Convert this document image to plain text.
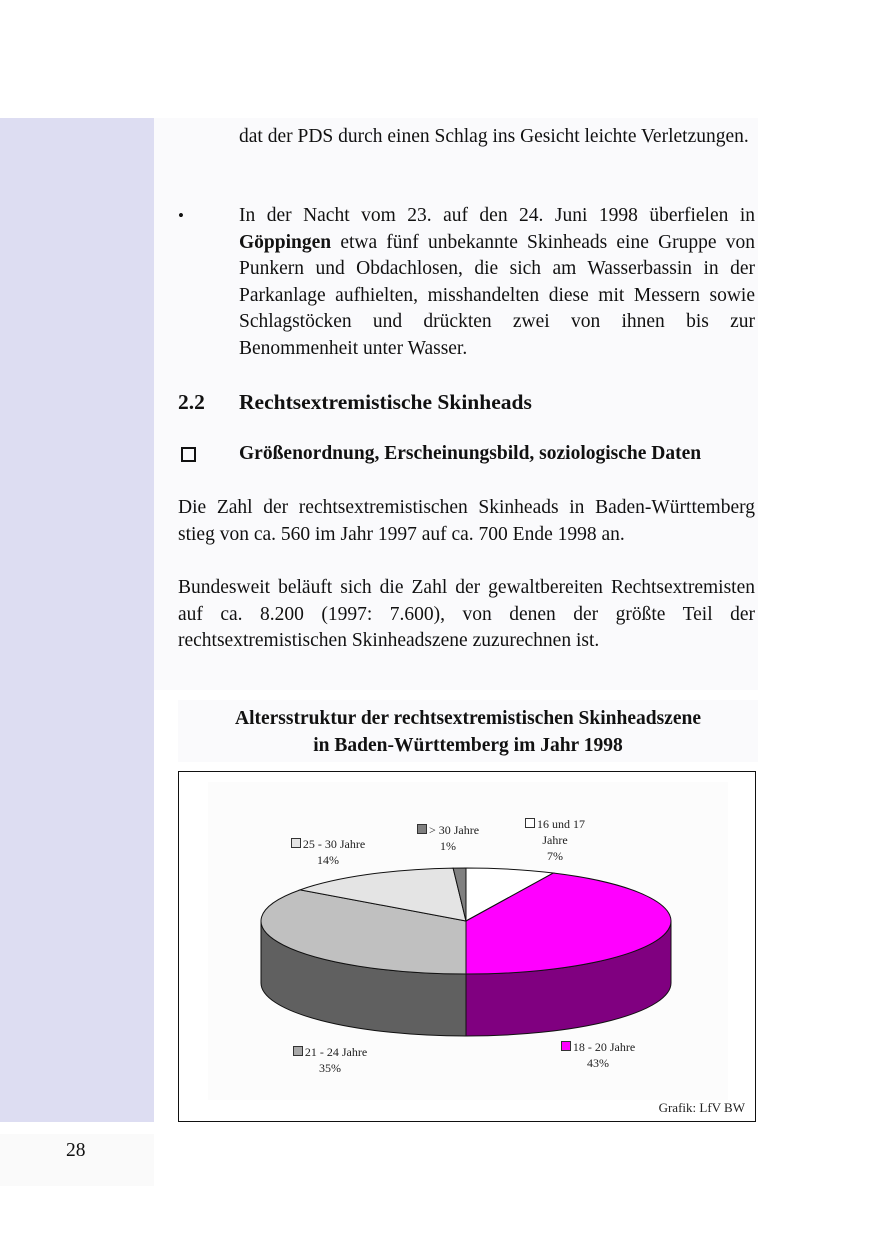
dat der PDS durch einen Schlag ins Gesicht leichte Verletzungen.

•	In der Nacht vom 23. auf den 24. Juni 1998 überfielen in Göppingen etwa fünf unbekannte Skinheads eine Gruppe von Punkern und Obdachlosen, die sich am Wasserbassin in der Parkanlage aufhielten, misshandelten diese mit Messern sowie Schlagstöcken und drückten zwei von ihnen bis zur Benommenheit unter Wasser.

2.2 Rechtsextremistische Skinheads
Größenordnung, Erscheinungsbild, soziologische Daten

Die Zahl der rechtsextremistischen Skinheads in Baden-Württemberg stieg von ca. 560 im Jahr 1997 auf ca. 700 Ende 1998 an.

Bundesweit beläuft sich die Zahl der gewaltbereiten Rechtsextremisten auf ca. 8.200 (1997: 7.600), von denen der größte Teil der rechtsextremistischen Skinheadszene zuzurechnen ist.

Altersstruktur der rechtsextremistischen Skinheadszene
in Baden-Württemberg im Jahr 1998

16 und 17
Jahre
7%
18 - 20 Jahre
43%
21 - 24 Jahre
35%
25 - 30 Jahre
14%
> 30 Jahre
1%
Grafik: LfV BW
28
